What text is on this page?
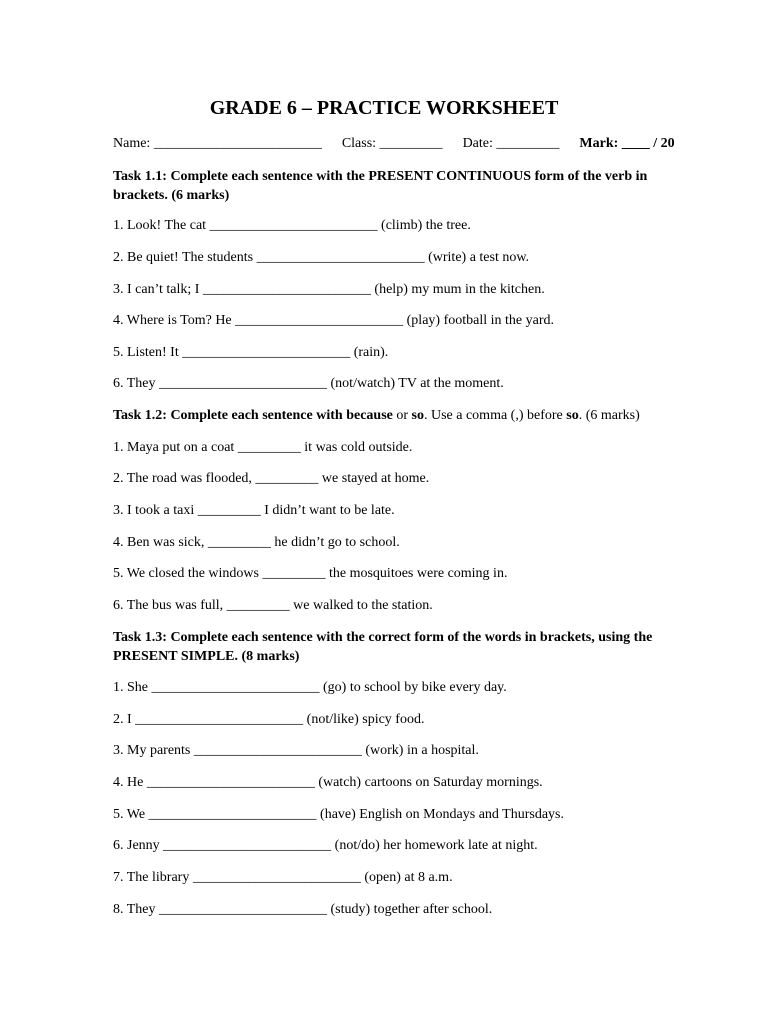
GRADE 6 – PRACTICE WORKSHEET
Name: ________________________ Class: _________ Date: _________ Mark: ____ / 20
Task 1.1: Complete each sentence with the PRESENT CONTINUOUS form of the verb in brackets. (6 marks)
1. Look! The cat ________________________ (climb) the tree.
2. Be quiet! The students ________________________ (write) a test now.
3. I can’t talk; I ________________________ (help) my mum in the kitchen.
4. Where is Tom? He ________________________ (play) football in the yard.
5. Listen! It ________________________ (rain).
6. They ________________________ (not/watch) TV at the moment.
Task 1.2: Complete each sentence with because or so. Use a comma (,) before so. (6 marks)
1. Maya put on a coat _________ it was cold outside.
2. The road was flooded, _________ we stayed at home.
3. I took a taxi _________ I didn’t want to be late.
4. Ben was sick, _________ he didn’t go to school.
5. We closed the windows _________ the mosquitoes were coming in.
6. The bus was full, _________ we walked to the station.
Task 1.3: Complete each sentence with the correct form of the words in brackets, using the PRESENT SIMPLE. (8 marks)
1. She ________________________ (go) to school by bike every day.
2. I ________________________ (not/like) spicy food.
3. My parents ________________________ (work) in a hospital.
4. He ________________________ (watch) cartoons on Saturday mornings.
5. We ________________________ (have) English on Mondays and Thursdays.
6. Jenny ________________________ (not/do) her homework late at night.
7. The library ________________________ (open) at 8 a.m.
8. They ________________________ (study) together after school.
